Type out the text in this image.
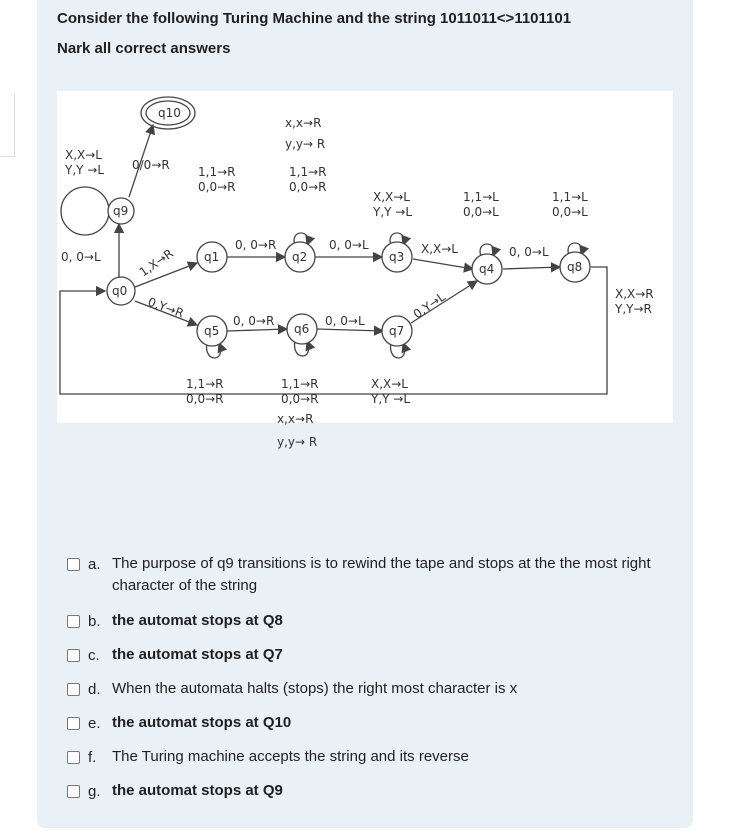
Consider the following Turing Machine and the string 1011011<>1101101
Nark all correct answers
q10
q9
q0
q1	q2	q3
q4	q8
q5	q6	q7
X,X→L
Y,Y →L 0/0→R 1,1→R
0,0→R
x,x→R
y,y→ R
1,1→R
0,0→R
X,X→L
Y,Y →L
1,1→L
0,0→L
1,1→L
0,0→L
0, 0→L	1,X→R
0, 0→R	0, 0→L	X,X→L	0, 0→L
X,X→R
Y,Y→R
0,Y→R
0, 0→R	0, 0→L	0,Y→L
1,1→R
0,0→R
1,1→R
0,0→R
X,X→L
Y,Y →L
x,x→R
y,y→ R
a. The purpose of q9 transitions is to rewind the tape and stops at the the most right character of the string
b. the automat stops at Q8
c. the automat stops at Q7
d. When the automata halts (stops) the right most character is x
e. the automat stops at Q10
f.	The Turing machine accepts the string and its reverse
g. the automat stops at Q9
